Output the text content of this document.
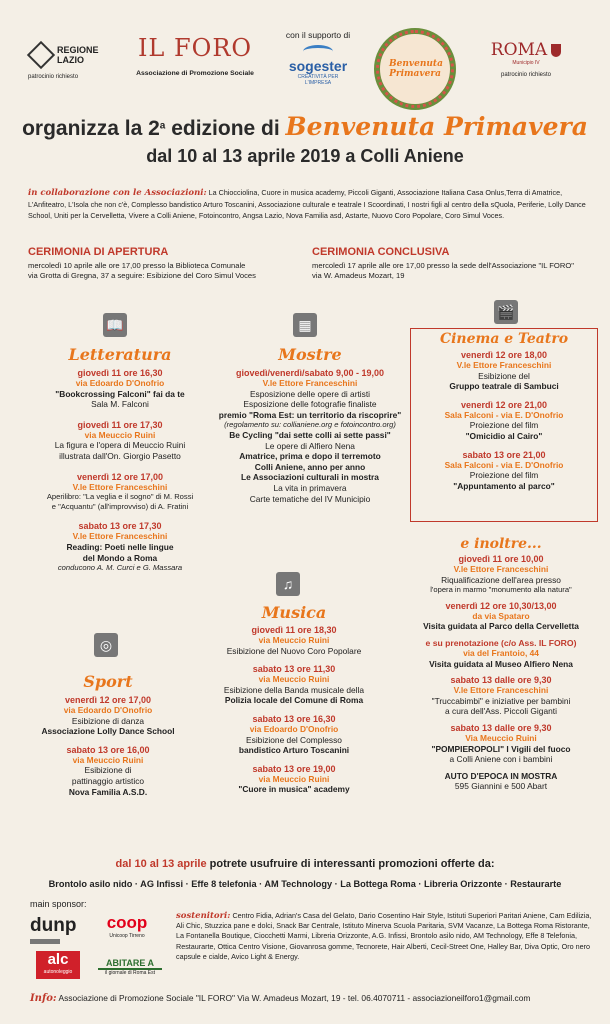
REGIONE LAZIO
patrocinio richiesto
IL FORO
Associazione di Promozione Sociale
con il supporto di
sogester
CREATIVITÀ PER L'IMPRESA
Benvenuta Primavera
ROMA
Municipio IV
patrocinio richiesto
organizza la 2$^a$ edizione di Benvenuta Primavera
dal 10 al 13 aprile 2019 a Colli Aniene
in collaborazione con le Associazioni: La Chiocciolina, Cuore in musica academy, Piccoli Giganti, Associazione Italiana Casa Onlus,Terra di Amatrice, L'Anfiteatro, L'Isola che non c'è, Complesso bandistico Arturo Toscanini, Associazione culturale e teatrale I Scoordinati, I nostri figli al centro della sQuola, Periferie, Lolly Dance School, Uniti per la Cervelletta, Vivere a Colli Aniene, Fotoincontro, Angsa Lazio, Nova Familia asd, Astarte, Nuovo Coro Popolare, Coro Simul Voces.
CERIMONIA DI APERTURA
mercoledì 10 aprile alle ore 17,00 presso la Biblioteca Comunale
via Grotta di Gregna, 37 a seguire: Esibizione del Coro Simul Voces
CERIMONIA CONCLUSIVA
mercoledì 17 aprile alle ore 17,00 presso la sede dell'Associazione "IL FORO"
via W. Amadeus Mozart, 19
📖	▦
🎬
◎
♫
Letteratura
giovedì 11 ore 16,30
via Edoardo D'Onofrio
"Bookcrossing Falconi" fai da te
Sala M. Falconi
giovedì 11 ore 17,30
via Meuccio Ruini
La figura e l'opera di Meuccio Ruini
illustrata dall'On. Giorgio Pasetto
venerdì 12 ore 17,00
V.le Ettore Franceschini
Aperilibro: "La veglia e il sogno" di M. Rossi
e "Acquantu" (all'improvviso) di A. Fratini
sabato 13 ore 17,30
V.le Ettore Franceschini
Reading: Poeti nelle lingue
del Mondo a Roma
conducono A. M. Curci e G. Massara
Mostre
giovedì/venerdì/sabato 9,00 - 19,00
V.le Ettore Franceschini
Esposizione delle opere di artisti
Esposizione delle fotografie finaliste
premio "Roma Est: un territorio da riscoprire"
(regolamento su: collianiene.org e fotoincontro.org)
Be Cycling "dai sette colli ai sette passi"
Le opere di Alfiero Nena
Amatrice, prima e dopo il terremoto
Colli Aniene, anno per anno
Le Associazioni culturali in mostra
La vita in primavera
Carte tematiche del IV Municipio
Cinema e Teatro
venerdì 12 ore 18,00
V.le Ettore Franceschini
Esibizione del
Gruppo teatrale di Sambuci
venerdì 12 ore 21,00
Sala Falconi - via E. D'Onofrio
Proiezione del film
"Omicidio al Cairo"
sabato 13 ore 21,00
Sala Falconi - via E. D'Onofrio
Proiezione del film
"Appuntamento al parco"
e inoltre...
giovedì 11 ore 10,00
V.le Ettore Franceschini
Riqualificazione dell'area presso
l'opera in marmo "monumento alla natura"
venerdì 12 ore 10,30/13,00
da via Spataro
Visita guidata al Parco della Cervelletta
e su prenotazione (c/o Ass. IL FORO)
via del Frantoio, 44
Visita guidata al Museo Alfiero Nena
sabato 13 dalle ore 9,30
V.le Ettore Franceschini
"Truccabimbi" e iniziative per bambini
a cura dell'Ass. Piccoli Giganti
sabato 13 dalle ore 9,30
Via Meuccio Ruini
"POMPIEROPOLI" I Vigili del fuoco
a Colli Aniene con i bambini
AUTO D'EPOCA IN MOSTRA
595 Giannini e 500 Abart
Sport
venerdì 12 ore 17,00
via Edoardo D'Onofrio
Esibizione di danza
Associazione Lolly Dance School
sabato 13 ore 16,00
via Meuccio Ruini
Esibizione di
pattinaggio artistico
Nova Familia A.S.D.
Musica
giovedì 11 ore 18,30
via Meuccio Ruini
Esibizione del Nuovo Coro Popolare
sabato 13 ore 11,30
via Meuccio Ruini
Esibizione della Banda musicale della
Polizia locale del Comune di Roma
sabato 13 ore 16,30
via Edoardo D'Onofrio
Esibizione del Complesso
bandistico Arturo Toscanini
sabato 13 ore 19,00
via Meuccio Ruini
"Cuore in musica" academy
dal 10 al 13 aprile potrete usufruire di interessanti promozioni offerte da:
Brontolo asilo nido · AG Infissi · Effe 8 telefonia · AM Technology · La Bottega Roma · Libreria Orizzonte · Restaurarte
main sponsor:
dunp coop
Unicoop Tirreno
alc
autonoleggio
ABITARE A
il giornale di Roma Est
sostenitori: Centro Fidia, Adrian's Casa del Gelato, Dario Cosentino Hair Style, Istituti Superiori Paritari Aniene, Cam Edilizia, Ali Chic, Stuzzica pane e dolci, Snack Bar Centrale, Istituto Minerva Scuola Paritaria, SVM Vacanze, La Bottega Roma Ristorante, La Fontanella Boutique, Ciocchetti Marmi, Libreria Orizzonte, A.G. Infissi, Brontolo asilo nido, AM Technology, Effe 8 Telefonia, Restaurarte, Ottica Centro Visione, Giovanrosa gomme, Tecnorete, Hair Alberti, Cecil-Street One, Halley Bar, Diva Optic, Oro nero capsule e cialde, Avico Light & Energy.
Info: Associazione di Promozione Sociale "IL FORO" Via W. Amadeus Mozart, 19 - tel. 06.4070711 - associazioneilforo1@gmail.com
